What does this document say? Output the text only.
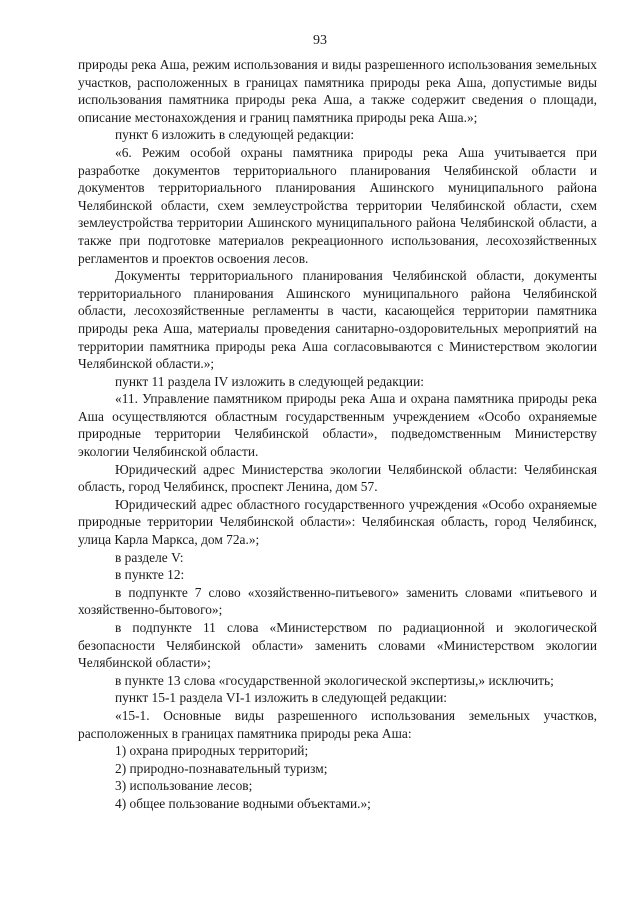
93

природы река Аша, режим использования и виды разрешенного использования земельных участков, расположенных в границах памятника природы река Аша, допустимые виды использования памятника природы река Аша, а также содержит сведения о площади, описание местонахождения и границ памятника природы река Аша.»;

пункт 6 изложить в следующей редакции:

«6. Режим особой охраны памятника природы река Аша учитывается при разработке документов территориального планирования Челябинской области и документов территориального планирования Ашинского муниципального района Челябинской области, схем землеустройства территории Челябинской области, схем землеустройства территории Ашинского муниципального района Челябинской области, а также при подготовке материалов рекреационного использования, лесохозяйственных регламентов и проектов освоения лесов.

Документы территориального планирования Челябинской области, документы территориального планирования Ашинского муниципального района Челябинской области, лесохозяйственные регламенты в части, касающейся территории памятника природы река Аша, материалы проведения санитарно-оздоровительных мероприятий на территории памятника природы река Аша согласовываются с Министерством экологии Челябинской области.»;

пункт 11 раздела IV изложить в следующей редакции:

«11. Управление памятником природы река Аша и охрана памятника природы река Аша осуществляются областным государственным учреждением «Особо охраняемые природные территории Челябинской области», подведомственным Министерству экологии Челябинской области.

Юридический адрес Министерства экологии Челябинской области: Челябинская область, город Челябинск, проспект Ленина, дом 57.

Юридический адрес областного государственного учреждения «Особо охраняемые природные территории Челябинской области»: Челябинская область, город Челябинск, улица Карла Маркса, дом 72а.»;

в разделе V:

в пункте 12:

в подпункте 7 слово «хозяйственно-питьевого» заменить словами «питьевого и хозяйственно-бытового»;

в подпункте 11 слова «Министерством по радиационной и экологической безопасности Челябинской области» заменить словами «Министерством экологии Челябинской области»;

в пункте 13 слова «государственной экологической экспертизы,» исключить;

пункт 15-1 раздела VI-1 изложить в следующей редакции:

«15-1. Основные виды разрешенного использования земельных участков, расположенных в границах памятника природы река Аша:

1) охрана природных территорий;

2) природно-познавательный туризм;

3) использование лесов;

4) общее пользование водными объектами.»;
